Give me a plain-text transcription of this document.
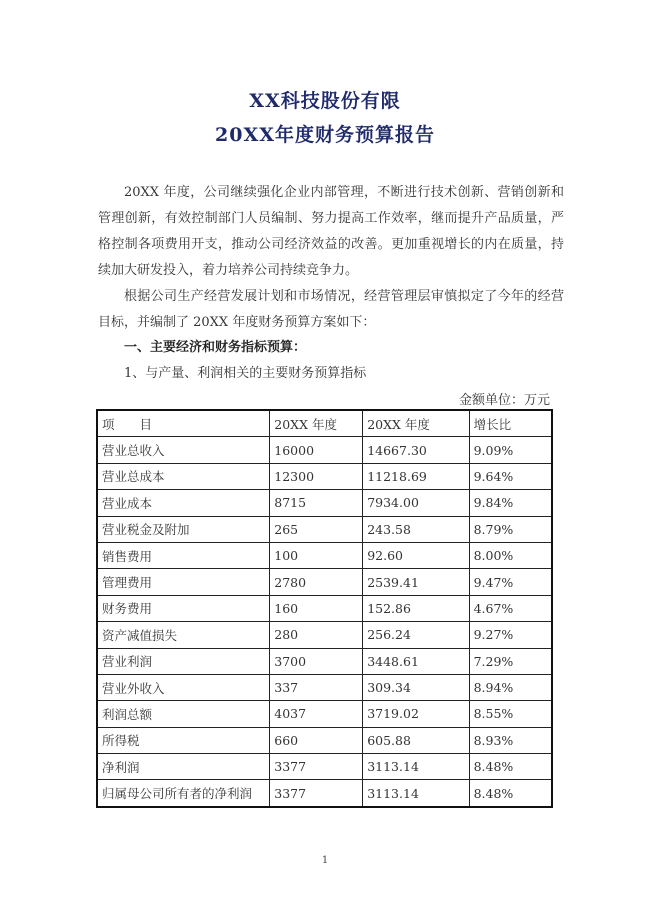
XX科技股份有限
20XX年度财务预算报告

20XX 年度，公司继续强化企业内部管理，不断进行技术创新、营销创新和管理创新，有效控制部门人员编制、努力提高工作效率，继而提升产品质量，严格控制各项费用开支，推动公司经济效益的改善。更加重视增长的内在质量，持续加大研发投入，着力培养公司持续竞争力。

根据公司生产经营发展计划和市场情况，经营管理层审慎拟定了今年的经营目标，并编制了 20XX 年度财务预算方案如下：

一、主要经济和财务指标预算：
1、与产量、利润相关的主要财务预算指标
金额单位：万元
项　　目	20XX 年度	20XX 年度	增长比
营业总收入	16000	14667.30	9.09%
营业总成本	12300	11218.69	9.64%
营业成本	8715	7934.00	9.84%
营业税金及附加	265	243.58	8.79%
销售费用	100	92.60	8.00%
管理费用	2780	2539.41	9.47%
财务费用	160	152.86	4.67%
资产减值损失	280	256.24	9.27%
营业利润	3700	3448.61	7.29%
营业外收入	337	309.34	8.94%
利润总额	4037	3719.02	8.55%
所得税	660	605.88	8.93%
净利润	3377	3113.14	8.48%
归属母公司所有者的净利润	3377	3113.14	8.48%
1
